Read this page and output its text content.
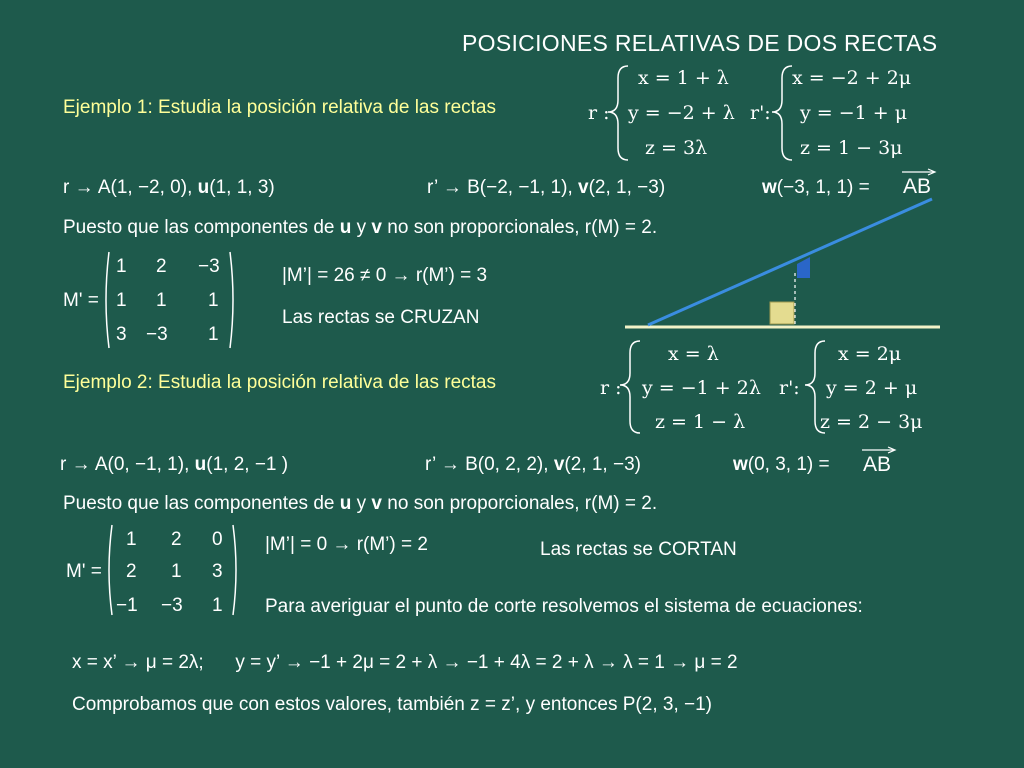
POSICIONES RELATIVAS DE DOS RECTAS
Ejemplo 1: Estudia la posición relativa de las rectas	r :
x = 1 + λ
y = −2 + λ
z = 3λ
r':
x = −2 + 2μ
y = −1 + μ
z = 1 − 3μ
r → A(1, −2, 0), u(1, 1, 3)	r’ → B(−2, −1, 1), v(2, 1, −3)	w(−3, 1, 1) = AB
Puesto que las componentes de u y v no son proporcionales, r(M) = 2.
M' =
1 2 −3
1 1 1
3 −3 1
|M’| = 26 ≠ 0 → r(M’) = 3
Las rectas se CRUZAN
Ejemplo 2: Estudia la posición relativa de las rectas	r :
x = λ
y = −1 + 2λ
z = 1 − λ
r':
x = 2μ
y = 2 + μ
z = 2 − 3μ
r → A(0, −1, 1), u(1, 2, −1 )	r’ → B(0, 2, 2), v(2, 1, −3)	w(0, 3, 1) = AB
Puesto que las componentes de u y v no son proporcionales, r(M) = 2.
M' =
1 2 0
2 1 3
−1 −3 1
|M’| = 0 → r(M’) = 2	Las rectas se CORTAN
Para averiguar el punto de corte resolvemos el sistema de ecuaciones:
x = x’ → μ = 2λ;      y = y’ → −1 + 2μ = 2 + λ → −1 + 4λ = 2 + λ → λ = 1 → μ = 2
Comprobamos que con estos valores, también z = z’, y entonces P(2, 3, −1)
